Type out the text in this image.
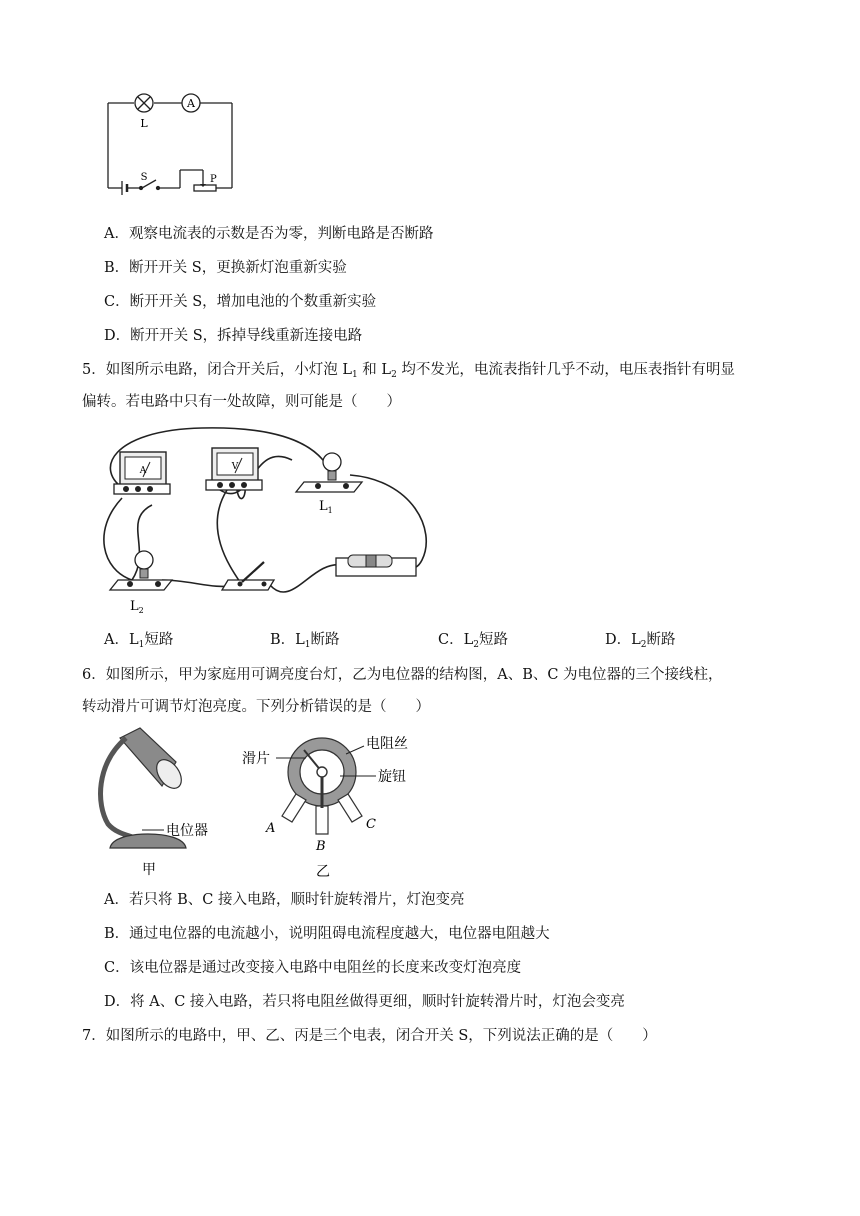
A
L
S	P
A．观察电流表的示数是否为零，判断电路是否断路
B．断开开关 S，更换新灯泡重新实验
C．断开开关 S，增加电池的个数重新实验
D．断开开关 S，拆掉导线重新连接电路
5．如图所示电路，闭合开关后，小灯泡 $L_1$ 和 $L_2$ 均不发光，电流表指针几乎不动，电压表指针有明显
偏转。若电路中只有一处故障，则可能是（　　）
A	V
$L_1$
$L_2$
A．$L_1$短路	B．$L_1$断路	C．$L_2$短路	D．$L_2$断路
6．如图所示，甲为家庭用可调亮度台灯，乙为电位器的结构图，A、B、C 为电位器的三个接线柱，
转动滑片可调节灯泡亮度。下列分析错误的是（　　）
电位器
甲
滑片
电阻丝
旋钮
A
B
C
乙
A．若只将 B、C 接入电路，顺时针旋转滑片，灯泡变亮
B．通过电位器的电流越小，说明阻碍电流程度越大，电位器电阻越大
C．该电位器是通过改变接入电路中电阻丝的长度来改变灯泡亮度
D．将 A、C 接入电路，若只将电阻丝做得更细，顺时针旋转滑片时，灯泡会变亮
7．如图所示的电路中，甲、乙、丙是三个电表，闭合开关 S，下列说法正确的是（　　）
